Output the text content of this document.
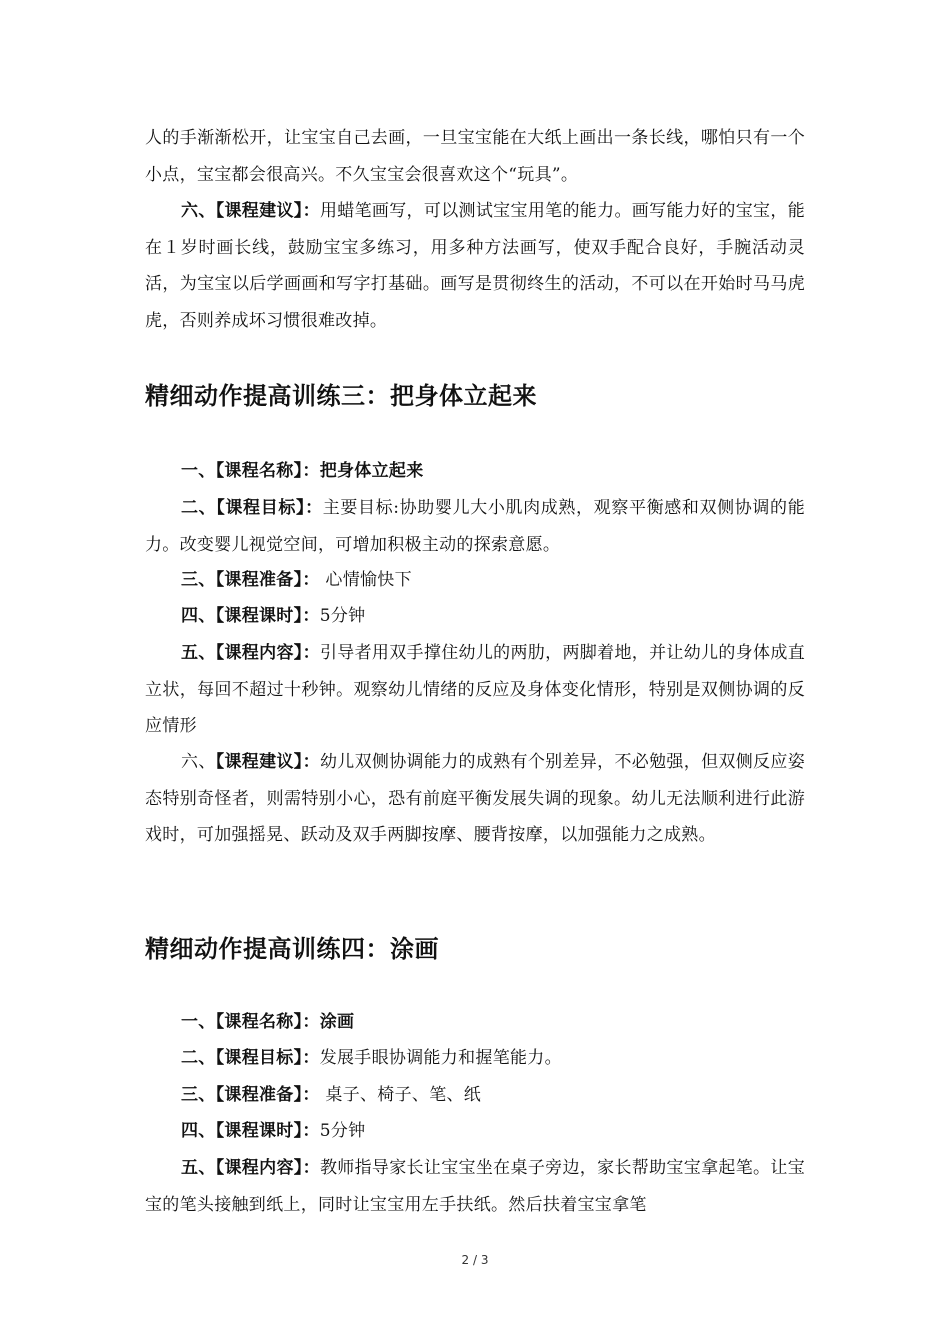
人的手渐渐松开，让宝宝自己去画，一旦宝宝能在大纸上画出一条长线，哪怕只有一个小点，宝宝都会很高兴。不久宝宝会很喜欢这个“玩具”。

六、【课程建议】：用蜡笔画写，可以测试宝宝用笔的能力。画写能力好的宝宝，能在１岁时画长线，鼓励宝宝多练习，用多种方法画写，使双手配合良好，手腕活动灵活，为宝宝以后学画画和写字打基础。画写是贯彻终生的活动，不可以在开始时马马虎虎，否则养成坏习惯很难改掉。

精细动作提高训练三：把身体立起来
一、【课程名称】：把身体立起来

二、【课程目标】：主要目标:协助婴儿大小肌肉成熟，观察平衡感和双侧协调的能力。改变婴儿视觉空间，可增加积极主动的探索意愿。

三、【课程准备】： 心情愉快下
四、【课程课时】：5分钟

五、【课程内容】：引导者用双手撑住幼儿的两肋，两脚着地，并让幼儿的身体成直立状，每回不超过十秒钟。观察幼儿情绪的反应及身体变化情形，特别是双侧协调的反应情形

六、【课程建议】：幼儿双侧协调能力的成熟有个别差异，不必勉强，但双侧反应姿态特别奇怪者，则需特别小心，恐有前庭平衡发展失调的现象。幼儿无法顺利进行此游戏时，可加强摇晃、跃动及双手两脚按摩、腰背按摩，以加强能力之成熟。

精细动作提高训练四：涂画
一、【课程名称】：涂画
二、【课程目标】：发展手眼协调能力和握笔能力。
三、【课程准备】： 桌子、椅子、笔、纸
四、【课程课时】：5分钟

五、【课程内容】：教师指导家长让宝宝坐在桌子旁边，家长帮助宝宝拿起笔。让宝宝的笔头接触到纸上，同时让宝宝用左手扶纸。然后扶着宝宝拿笔

2 / 3
